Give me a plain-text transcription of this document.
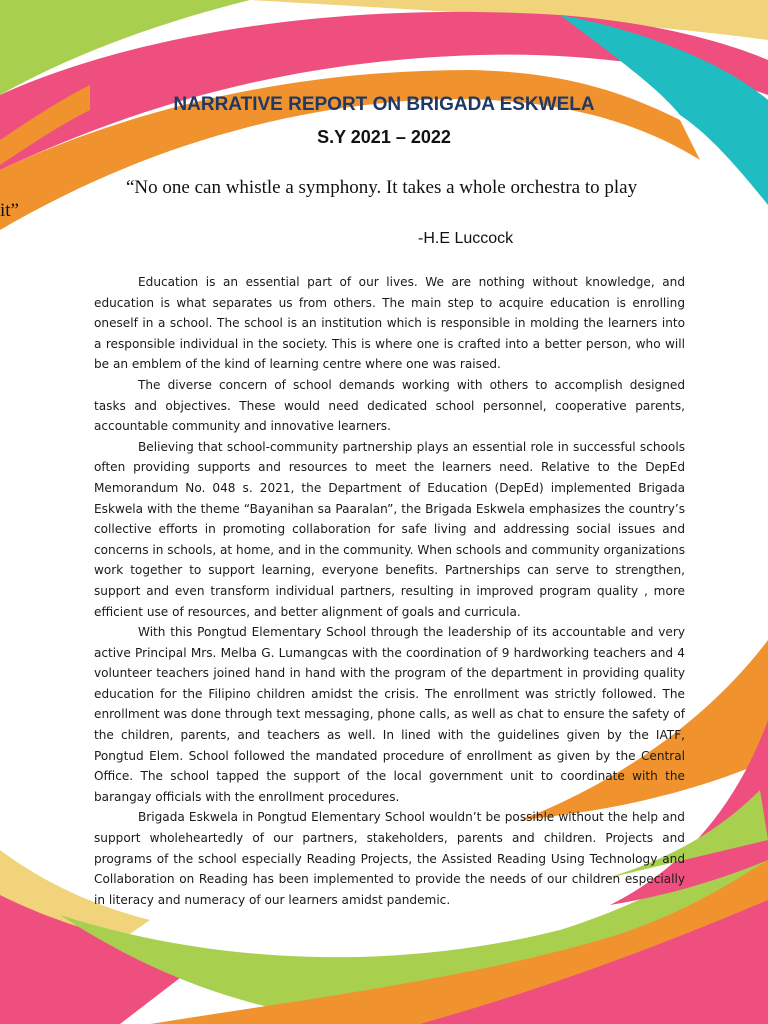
NARRATIVE REPORT ON BRIGADA ESKWELA
S.Y 2021 – 2022

“No one can whistle a symphony. It takes a whole orchestra to play

it”

-H.E Luccock

Education is an essential part of our lives. We are nothing without knowledge, and education is what separates us from others. The main step to acquire education is enrolling oneself in a school. The school is an institution which is responsible in molding the learners into a responsible individual in the society. This is where one is crafted into a better person, who will be an emblem of the kind of learning centre where one was raised.

The diverse concern of school demands working with others to accomplish designed tasks and objectives. These would need dedicated school personnel, cooperative parents, accountable community and innovative learners.

Believing that school-community partnership plays an essential role in successful schools often providing supports and resources to meet the learners need. Relative to the DepEd Memorandum No. 048 s. 2021, the Department of Education (DepEd) implemented Brigada Eskwela with the theme “Bayanihan sa Paaralan”, the Brigada Eskwela emphasizes the country’s collective efforts in promoting collaboration for safe living and addressing social issues and concerns in schools, at home, and in the community. When schools and community organizations work together to support learning, everyone benefits. Partnerships can serve to strengthen, support and even transform individual partners, resulting in improved program quality , more efficient use of resources, and better alignment of goals and curricula.

With this Pongtud Elementary School through the leadership of its accountable and very active Principal Mrs. Melba G. Lumangcas with the coordination of 9 hardworking teachers and 4 volunteer teachers joined hand in hand with the program of the department in providing quality education for the Filipino children amidst the crisis. The enrollment was strictly followed. The enrollment was done through text messaging, phone calls, as well as chat to ensure the safety of the children, parents, and teachers as well. In lined with the guidelines given by the IATF, Pongtud Elem. School followed the mandated procedure of enrollment as given by the Central Office. The school tapped the support of the local government unit to coordinate with the barangay officials with the enrollment procedures.

Brigada Eskwela in Pongtud Elementary School wouldn’t be possible without the help and support wholeheartedly of our partners, stakeholders, parents and children. Projects and programs of the school especially Reading Projects, the Assisted Reading Using Technology and Collaboration on Reading has been implemented to provide the needs of our children especially in literacy and numeracy of our learners amidst pandemic.
